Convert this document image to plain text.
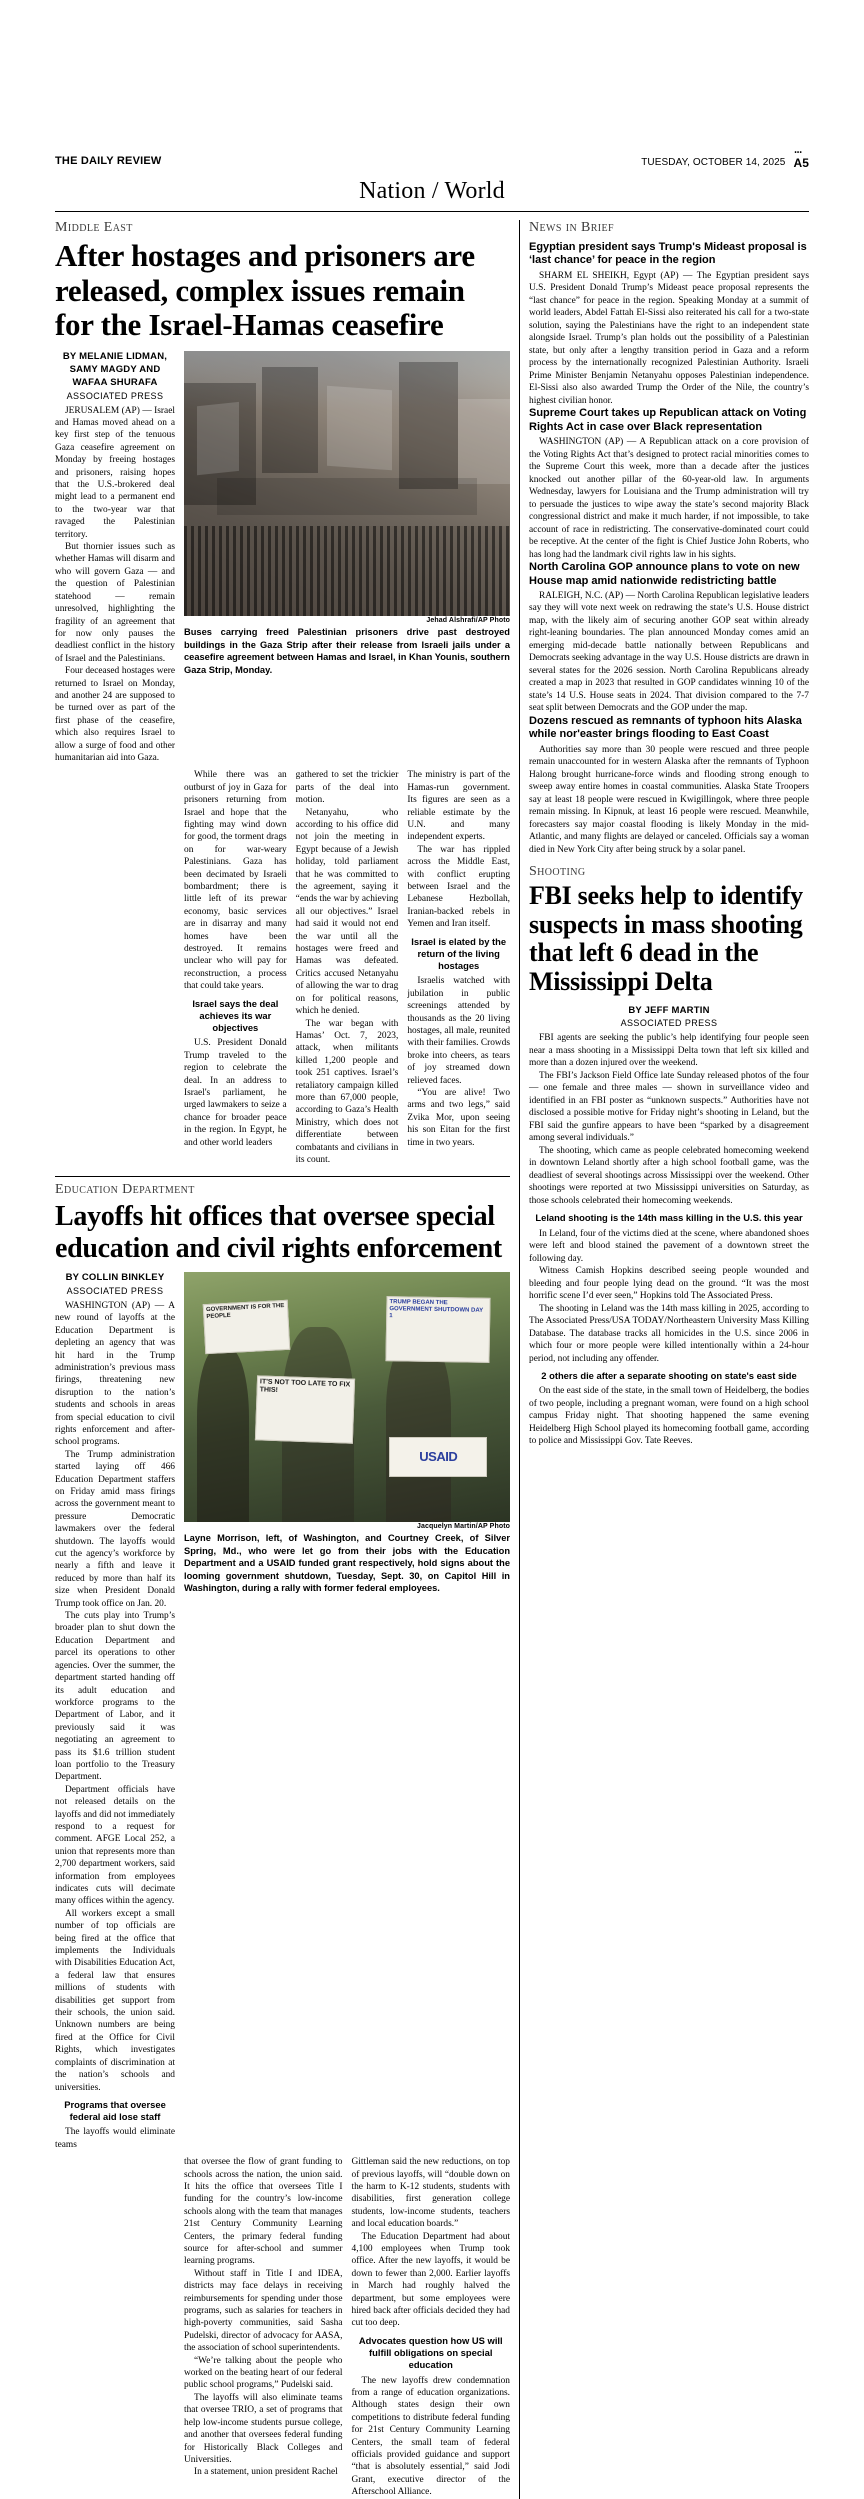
THE DAILY REVIEW	TUESDAY, OCTOBER 14, 2025
•••
A5
Nation / World
Middle East
After hostages and prisoners are released, complex issues remain for the Israel-Hamas ceasefire
BY MELANIE LIDMAN, SAMY MAGDY AND WAFAA SHURAFA
ASSOCIATED PRESS

JERUSALEM (AP) — Israel and Hamas moved ahead on a key first step of the tenuous Gaza ceasefire agreement on Monday by freeing hostages and prisoners, raising hopes that the U.S.-brokered deal might lead to a permanent end to the two-year war that ravaged the Palestinian territory.

But thornier issues such as whether Hamas will disarm and who will govern Gaza — and the question of Palestinian statehood — remain unresolved, highlighting the fragility of an agreement that for now only pauses the deadliest conflict in the history of Israel and the Palestinians.

Four deceased hostages were returned to Israel on Monday, and another 24 are supposed to be turned over as part of the first phase of the ceasefire, which also requires Israel to allow a surge of food and other humanitarian aid into Gaza.

Jehad Alshrafi/AP Photo
Buses carrying freed Palestinian prisoners drive past destroyed buildings in the Gaza Strip after their release from Israeli jails under a ceasefire agreement between Hamas and Israel, in Khan Younis, southern Gaza Strip, Monday.

While there was an outburst of joy in Gaza for prisoners returning from Israel and hope that the fighting may wind down for good, the torment drags on for war-weary Palestinians. Gaza has been decimated by Israeli bombardment; there is little left of its prewar economy, basic services are in disarray and many homes have been destroyed. It remains unclear who will pay for reconstruction, a process that could take years.

Israel says the deal achieves its war objectives

U.S. President Donald Trump traveled to the region to celebrate the deal. In an address to Israel's parliament, he urged lawmakers to seize a chance for broader peace in the region. In Egypt, he and other world leaders

gathered to set the trickier parts of the deal into motion.

Netanyahu, who according to his office did not join the meeting in Egypt because of a Jewish holiday, told parliament that he was committed to the agreement, saying it “ends the war by achieving all our objectives.” Israel had said it would not end the war until all the hostages were freed and Hamas was defeated. Critics accused Netanyahu of allowing the war to drag on for political reasons, which he denied.

The war began with Hamas’ Oct. 7, 2023, attack, when militants killed 1,200 people and took 251 captives. Israel’s retaliatory campaign killed more than 67,000 people, according to Gaza’s Health Ministry, which does not differentiate between combatants and civilians in its count.

The ministry is part of the Hamas-run government. Its figures are seen as a reliable estimate by the U.N. and many independent experts.

The war has rippled across the Middle East, with conflict erupting between Israel and the Lebanese Hezbollah, Iranian-backed rebels in Yemen and Iran itself.

Israel is elated by the return of the living hostages

Israelis watched with jubilation in public screenings attended by thousands as the 20 living hostages, all male, reunited with their families. Crowds broke into cheers, as tears of joy streamed down relieved faces.

“You are alive! Two arms and two legs,” said Zvika Mor, upon seeing his son Eitan for the first time in two years.

Education Department
Layoffs hit offices that oversee special education and civil rights enforcement
BY COLLIN BINKLEY
ASSOCIATED PRESS

WASHINGTON (AP) — A new round of layoffs at the Education Department is depleting an agency that was hit hard in the Trump administration’s previous mass firings, threatening new disruption to the nation’s students and schools in areas from special education to civil rights enforcement and after-school programs.

The Trump administration started laying off 466 Education Department staffers on Friday amid mass firings across the government meant to pressure Democratic lawmakers over the federal shutdown. The layoffs would cut the agency’s workforce by nearly a fifth and leave it reduced by more than half its size when President Donald Trump took office on Jan. 20.

The cuts play into Trump’s broader plan to shut down the Education Department and parcel its operations to other agencies. Over the summer, the department started handing off its adult education and workforce programs to the Department of Labor, and it previously said it was negotiating an agreement to pass its $1.6 trillion student loan portfolio to the Treasury Department.

Department officials have not released details on the layoffs and did not immediately respond to a request for comment. AFGE Local 252, a union that represents more than 2,700 department workers, said information from employees indicates cuts will decimate many offices within the agency.

All workers except a small number of top officials are being fired at the office that implements the Individuals with Disabilities Education Act, a federal law that ensures millions of students with disabilities get support from their schools, the union said. Unknown numbers are being fired at the Office for Civil Rights, which investigates complaints of discrimination at the nation’s schools and universities.

Programs that oversee federal aid lose staff

The layoffs would eliminate teams

GOVERNMENT IS FOR THE PEOPLE
IT'S NOT TOO LATE TO FIX THIS!
TRUMP BEGAN THE GOVERNMENT SHUTDOWN DAY 1
USAID
Jacquelyn Martin/AP Photo
Layne Morrison, left, of Washington, and Courtney Creek, of Silver Spring, Md., who were let go from their jobs with the Education Department and a USAID funded grant respectively, hold signs about the looming government shutdown, Tuesday, Sept. 30, on Capitol Hill in Washington, during a rally with former federal employees.

that oversee the flow of grant funding to schools across the nation, the union said. It hits the office that oversees Title I funding for the country’s low-income schools along with the team that manages 21st Century Community Learning Centers, the primary federal funding source for after-school and summer learning programs.

Without staff in Title I and IDEA, districts may face delays in receiving reimbursements for spending under those programs, such as salaries for teachers in high-poverty communities, said Sasha Pudelski, director of advocacy for AASA, the association of school superintendents.

“We’re talking about the people who worked on the beating heart of our federal public school programs,” Pudelski said.

The layoffs will also eliminate teams that oversee TRIO, a set of programs that help low-income students pursue college, and another that oversees federal funding for Historically Black Colleges and Universities.

In a statement, union president Rachel

Gittleman said the new reductions, on top of previous layoffs, will “double down on the harm to K-12 students, students with disabilities, first generation college students, low-income students, teachers and local education boards.”

The Education Department had about 4,100 employees when Trump took office. After the new layoffs, it would be down to fewer than 2,000. Earlier layoffs in March had roughly halved the department, but some employees were hired back after officials decided they had cut too deep.

Advocates question how US will fulfill obligations on special education

The new layoffs drew condemnation from a range of education organizations. Although states design their own competitions to distribute federal funding for 21st Century Community Learning Centers, the small team of federal officials provided guidance and support “that is absolutely essential,” said Jodi Grant, executive director of the Afterschool Alliance.

News in Brief
Egyptian president says Trump's Mideast proposal is ‘last chance’ for peace in the region

SHARM EL SHEIKH, Egypt (AP) — The Egyptian president says U.S. President Donald Trump’s Mideast peace proposal represents the “last chance” for peace in the region. Speaking Monday at a summit of world leaders, Abdel Fattah El-Sissi also reiterated his call for a two-state solution, saying the Palestinians have the right to an independent state alongside Israel. Trump’s plan holds out the possibility of a Palestinian state, but only after a lengthy transition period in Gaza and a reform process by the internationally recognized Palestinian Authority. Israeli Prime Minister Benjamin Netanyahu opposes Palestinian independence. El-Sissi also also awarded Trump the Order of the Nile, the country’s highest civilian honor.

Supreme Court takes up Republican attack on Voting Rights Act in case over Black representation

WASHINGTON (AP) — A Republican attack on a core provision of the Voting Rights Act that’s designed to protect racial minorities comes to the Supreme Court this week, more than a decade after the justices knocked out another pillar of the 60-year-old law. In arguments Wednesday, lawyers for Louisiana and the Trump administration will try to persuade the justices to wipe away the state’s second majority Black congressional district and make it much harder, if not impossible, to take account of race in redistricting. The conservative-dominated court could be receptive. At the center of the fight is Chief Justice John Roberts, who has long had the landmark civil rights law in his sights.

North Carolina GOP announce plans to vote on new House map amid nationwide redistricting battle

RALEIGH, N.C. (AP) — North Carolina Republican legislative leaders say they will vote next week on redrawing the state’s U.S. House district map, with the likely aim of securing another GOP seat within already right-leaning boundaries. The plan announced Monday comes amid an emerging mid-decade battle nationally between Republicans and Democrats seeking advantage in the way U.S. House districts are drawn in several states for the 2026 session. North Carolina Republicans already created a map in 2023 that resulted in GOP candidates winning 10 of the state’s 14 U.S. House seats in 2024. That division compared to the 7-7 seat split between Democrats and the GOP under the map.

Dozens rescued as remnants of typhoon hits Alaska while nor'easter brings flooding to East Coast

Authorities say more than 30 people were rescued and three people remain unaccounted for in western Alaska after the remnants of Typhoon Halong brought hurricane-force winds and flooding strong enough to sweep away entire homes in coastal communities. Alaska State Troopers say at least 18 people were rescued in Kwigillingok, where three people remain missing. In Kipnuk, at least 16 people were rescued. Meanwhile, forecasters say major coastal flooding is likely Monday in the mid-Atlantic, and many flights are delayed or canceled. Officials say a woman died in New York City after being struck by a solar panel.

Shooting
FBI seeks help to identify suspects in mass shooting that left 6 dead in the Mississippi Delta
BY JEFF MARTIN
ASSOCIATED PRESS

FBI agents are seeking the public’s help identifying four people seen near a mass shooting in a Mississippi Delta town that left six killed and more than a dozen injured over the weekend.

The FBI’s Jackson Field Office late Sunday released photos of the four — one female and three males — shown in surveillance video and identified in an FBI poster as “unknown suspects.” Authorities have not disclosed a possible motive for Friday night’s shooting in Leland, but the FBI said the gunfire appears to have been “sparked by a disagreement among several individuals.”

The shooting, which came as people celebrated homecoming weekend in downtown Leland shortly after a high school football game, was the deadliest of several shootings across Mississippi over the weekend. Other shootings were reported at two Mississippi universities on Saturday, as those schools celebrated their homecoming weekends.

Leland shooting is the 14th mass killing in the U.S. this year

In Leland, four of the victims died at the scene, where abandoned shoes were left and blood stained the pavement of a downtown street the following day.

Witness Camish Hopkins described seeing people wounded and bleeding and four people lying dead on the ground. “It was the most horrific scene I’d ever seen,” Hopkins told The Associated Press.

The shooting in Leland was the 14th mass killing in 2025, according to The Associated Press/USA TODAY/Northeastern University Mass Killing Database. The database tracks all homicides in the U.S. since 2006 in which four or more people were killed intentionally within a 24-hour period, not including any offender.

2 others die after a separate shooting on state's east side

On the east side of the state, in the small town of Heidelberg, the bodies of two people, including a pregnant woman, were found on a high school campus Friday night. That shooting happened the same evening Heidelberg High School played its homecoming football game, according to police and Mississippi Gov. Tate Reeves.
